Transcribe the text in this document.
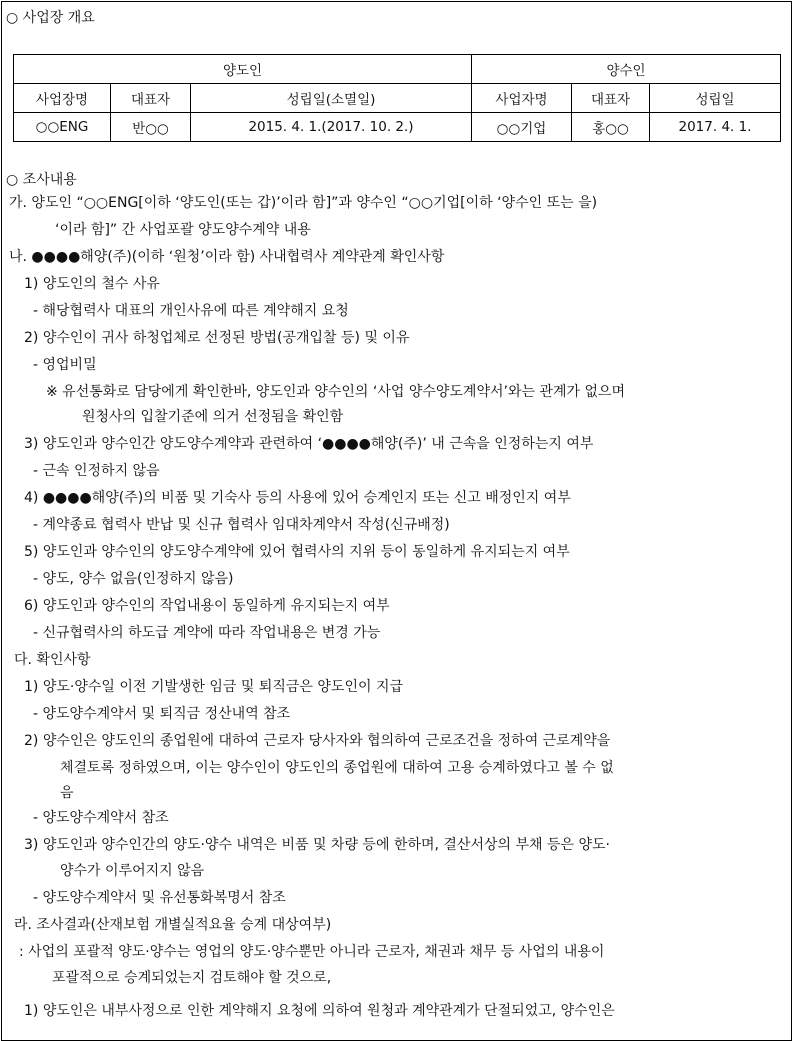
○ 사업장 개요
양도인			양수인		
사업장명	대표자	성립일(소멸일)	사업자명	대표자	성립일
○○ENG	반○○	2015. 4. 1.(2017. 10. 2.)	○○기업	홍○○	2017. 4. 1.
○ 조사내용
가. 양도인 “○○ENG[이하 ‘양도인(또는 갑)’이라 함]”과 양수인 “○○기업[이하 ‘양수인 또는 을)
‘이라 함]” 간 사업포괄 양도양수계약 내용
나. ●●●●해양(주)(이하 ‘원청’이라 함) 사내협력사 계약관계 확인사항
1) 양도인의 철수 사유
- 해당협력사 대표의 개인사유에 따른 계약해지 요청
2) 양수인이 귀사 하청업체로 선정된 방법(공개입찰 등) 및 이유
- 영업비밀
※ 유선통화로 담당에게 확인한바, 양도인과 양수인의 ‘사업 양수양도계약서’와는 관계가 없으며
원청사의 입찰기준에 의거 선정됨을 확인함
3) 양도인과 양수인간 양도양수계약과 관련하여 ‘●●●●해양(주)’ 내 근속을 인정하는지 여부
- 근속 인정하지 않음
4) ●●●●해양(주)의 비품 및 기숙사 등의 사용에 있어 승계인지 또는 신고 배정인지 여부
- 계약종료 협력사 반납 및 신규 협력사 임대차계약서 작성(신규배정)
5) 양도인과 양수인의 양도양수계약에 있어 협력사의 지위 등이 동일하게 유지되는지 여부
- 양도, 양수 없음(인정하지 않음)
6) 양도인과 양수인의 작업내용이 동일하게 유지되는지 여부
- 신규협력사의 하도급 계약에 따라 작업내용은 변경 가능
다. 확인사항
1) 양도·양수일 이전 기발생한 임금 및 퇴직금은 양도인이 지급
- 양도양수계약서 및 퇴직금 정산내역 참조
2) 양수인은 양도인의 종업원에 대하여 근로자 당사자와 협의하여 근로조건을 정하여 근로계약을
체결토록 정하였으며, 이는 양수인이 양도인의 종업원에 대하여 고용 승계하였다고 볼 수 없
음
- 양도양수계약서 참조
3) 양도인과 양수인간의 양도·양수 내역은 비품 및 차량 등에 한하며, 결산서상의 부채 등은 양도·
양수가 이루어지지 않음
- 양도양수계약서 및 유선통화복명서 참조
라. 조사결과(산재보험 개별실적요율 승계 대상여부)
: 사업의 포괄적 양도·양수는 영업의 양도·양수뿐만 아니라 근로자, 채권과 채무 등 사업의 내용이
포괄적으로 승계되었는지 검토해야 할 것으로,
1) 양도인은 내부사정으로 인한 계약해지 요청에 의하여 원청과 계약관계가 단절되었고, 양수인은
